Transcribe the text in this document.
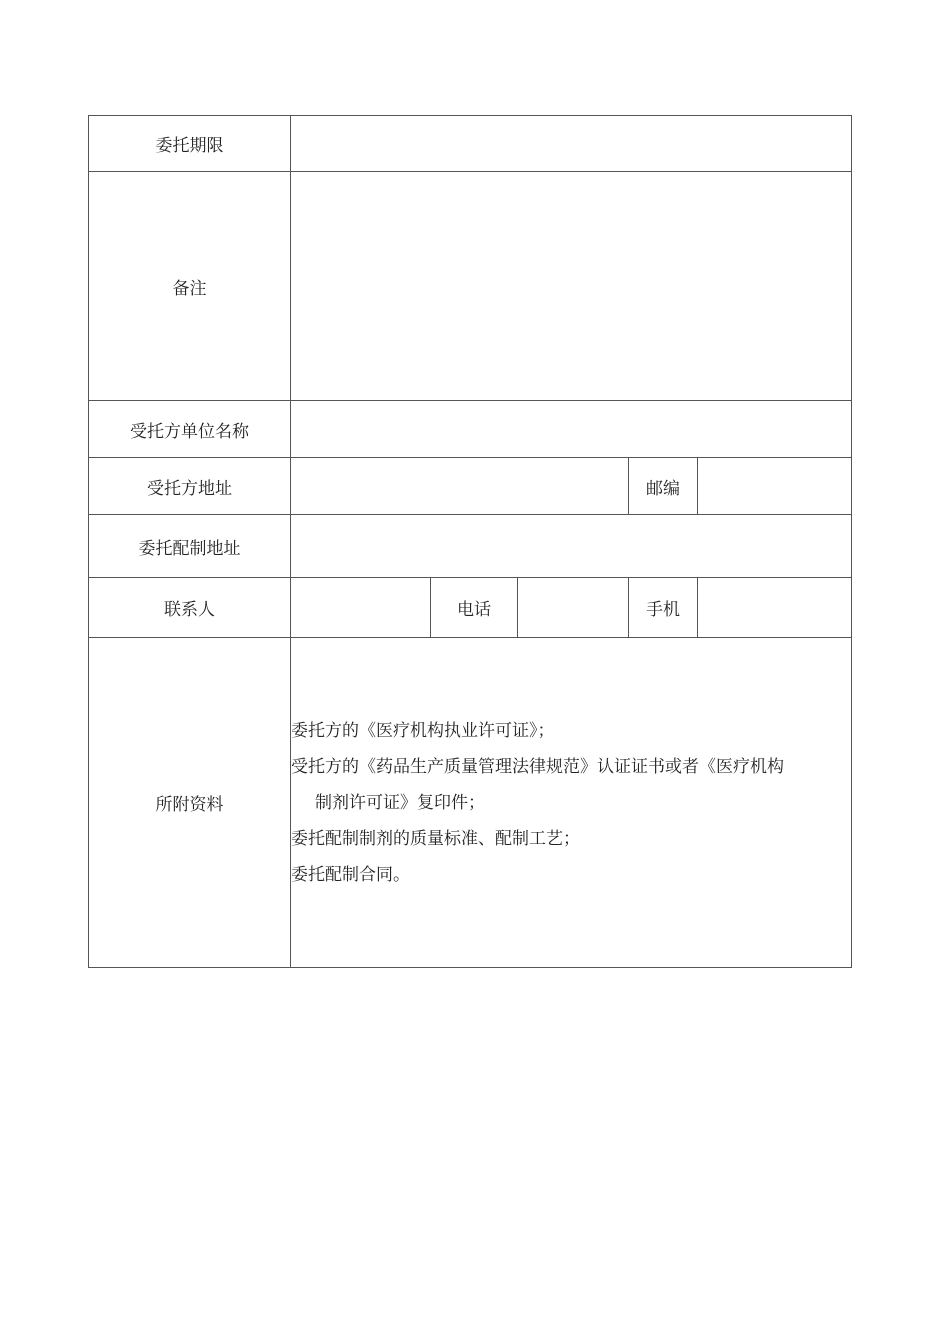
委托期限					
备注					
受托方单位名称					
受托方地址				邮编	
委托配制地址					
联系人		电话		手机	
所附资料	委托方的《医疗机构执业许可证》；
受托方的《药品生产质量管理法律规范》认证证书或者《医疗机构
制剂许可证》复印件；
委托配制制剂的质量标准、配制工艺；
委托配制合同。				
